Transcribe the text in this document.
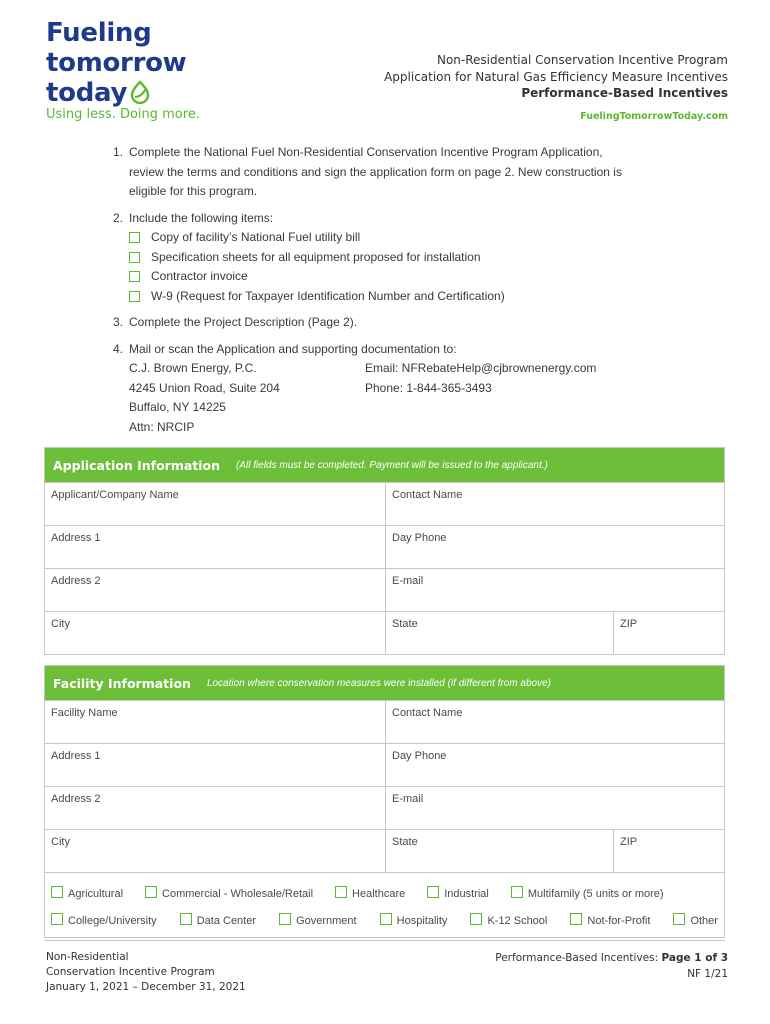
Fueling
tomorrow
today
Using less. Doing more.
Non-Residential Conservation Incentive Program
Application for Natural Gas Efficiency Measure Incentives
Performance-Based Incentives
FuelingTomorrowToday.com
1. Complete the National Fuel Non-Residential Conservation Incentive Program Application,
review the terms and conditions and sign the application form on page 2. New construction is
eligible for this program.
2. Include the following items:
Copy of facility’s National Fuel utility bill
Specification sheets for all equipment proposed for installation
Contractor invoice
W-9 (Request for Taxpayer Identification Number and Certification)
3. Complete the Project Description (Page 2).
4. Mail or scan the Application and supporting documentation to:
C.J. Brown Energy, P.C.
4245 Union Road, Suite 204
Buffalo, NY 14225
Attn: NRCIP
Email: NFRebateHelp@cjbrownenergy.com
Phone: 1-844-365-3493
Application Information (All fields must be completed. Payment will be issued to the applicant.)
Applicant/Company Name	Contact Name
Address 1	Day Phone
Address 2	E-mail
City	State	ZIP
Facility Information Location where conservation measures were installed (if different from above)
Facility Name	Contact Name
Address 1	Day Phone
Address 2	E-mail
City	State	ZIP
Agricultural	Commercial - Wholesale/Retail	Healthcare	Industrial	Multifamily (5 units or more)
College/University	Data Center	Government	Hospitality	K-12 School	Not-for-Profit	Other
Non-Residential
Conservation Incentive Program
January 1, 2021 – December 31, 2021
Performance-Based Incentives: Page 1 of 3
NF 1/21
